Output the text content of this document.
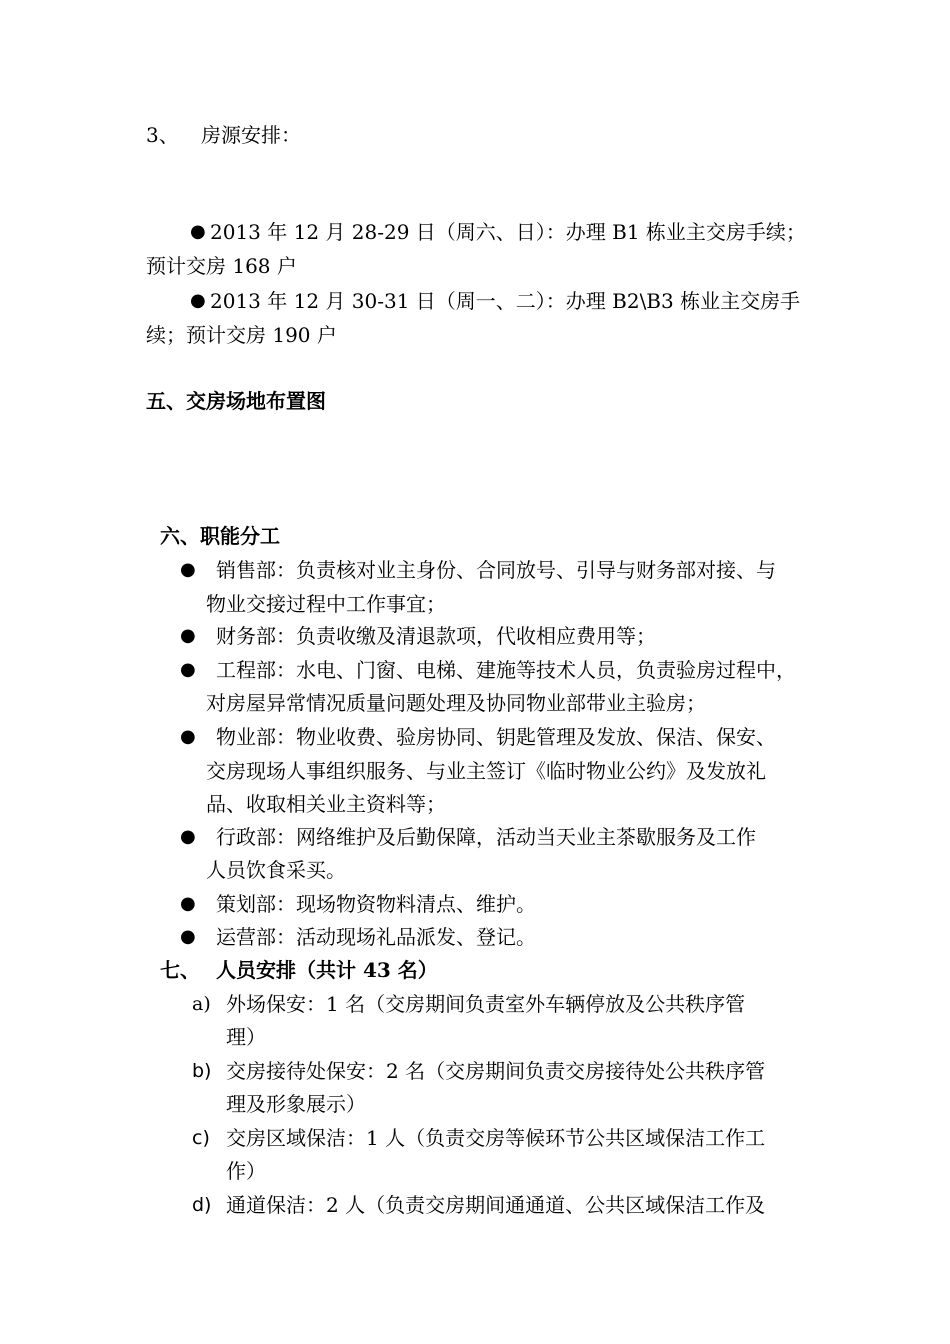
3、 房源安排：
● 2013 年 12 月 28-29 日（周六、日）：办理 B1 栋业主交房手续；
预计交房 168 户
● 2013 年 12 月 30-31 日（周一、二）：办理 B2\B3 栋业主交房手
续；预计交房 190 户
五、交房场地布置图
六、职能分工
● 销售部：负责核对业主身份、合同放号、引导与财务部对接、与
物业交接过程中工作事宜；
● 财务部：负责收缴及清退款项，代收相应费用等；
● 工程部：水电、门窗、电梯、建施等技术人员，负责验房过程中，
对房屋异常情况质量问题处理及协同物业部带业主验房；
● 物业部：物业收费、验房协同、钥匙管理及发放、保洁、保安、
交房现场人事组织服务、与业主签订《临时物业公约》及发放礼
品、收取相关业主资料等；
● 行政部：网络维护及后勤保障，活动当天业主茶歇服务及工作
人员饮食采买。
● 策划部：现场物资物料清点、维护。
● 运营部：活动现场礼品派发、登记。
七、 人员安排（共计 43 名）
a) 外场保安：1 名（交房期间负责室外车辆停放及公共秩序管
理）
b) 交房接待处保安：2 名（交房期间负责交房接待处公共秩序管
理及形象展示）
c) 交房区域保洁：1 人（负责交房等候环节公共区域保洁工作工
作）
d) 通道保洁：2 人（负责交房期间通通道、公共区域保洁工作及
